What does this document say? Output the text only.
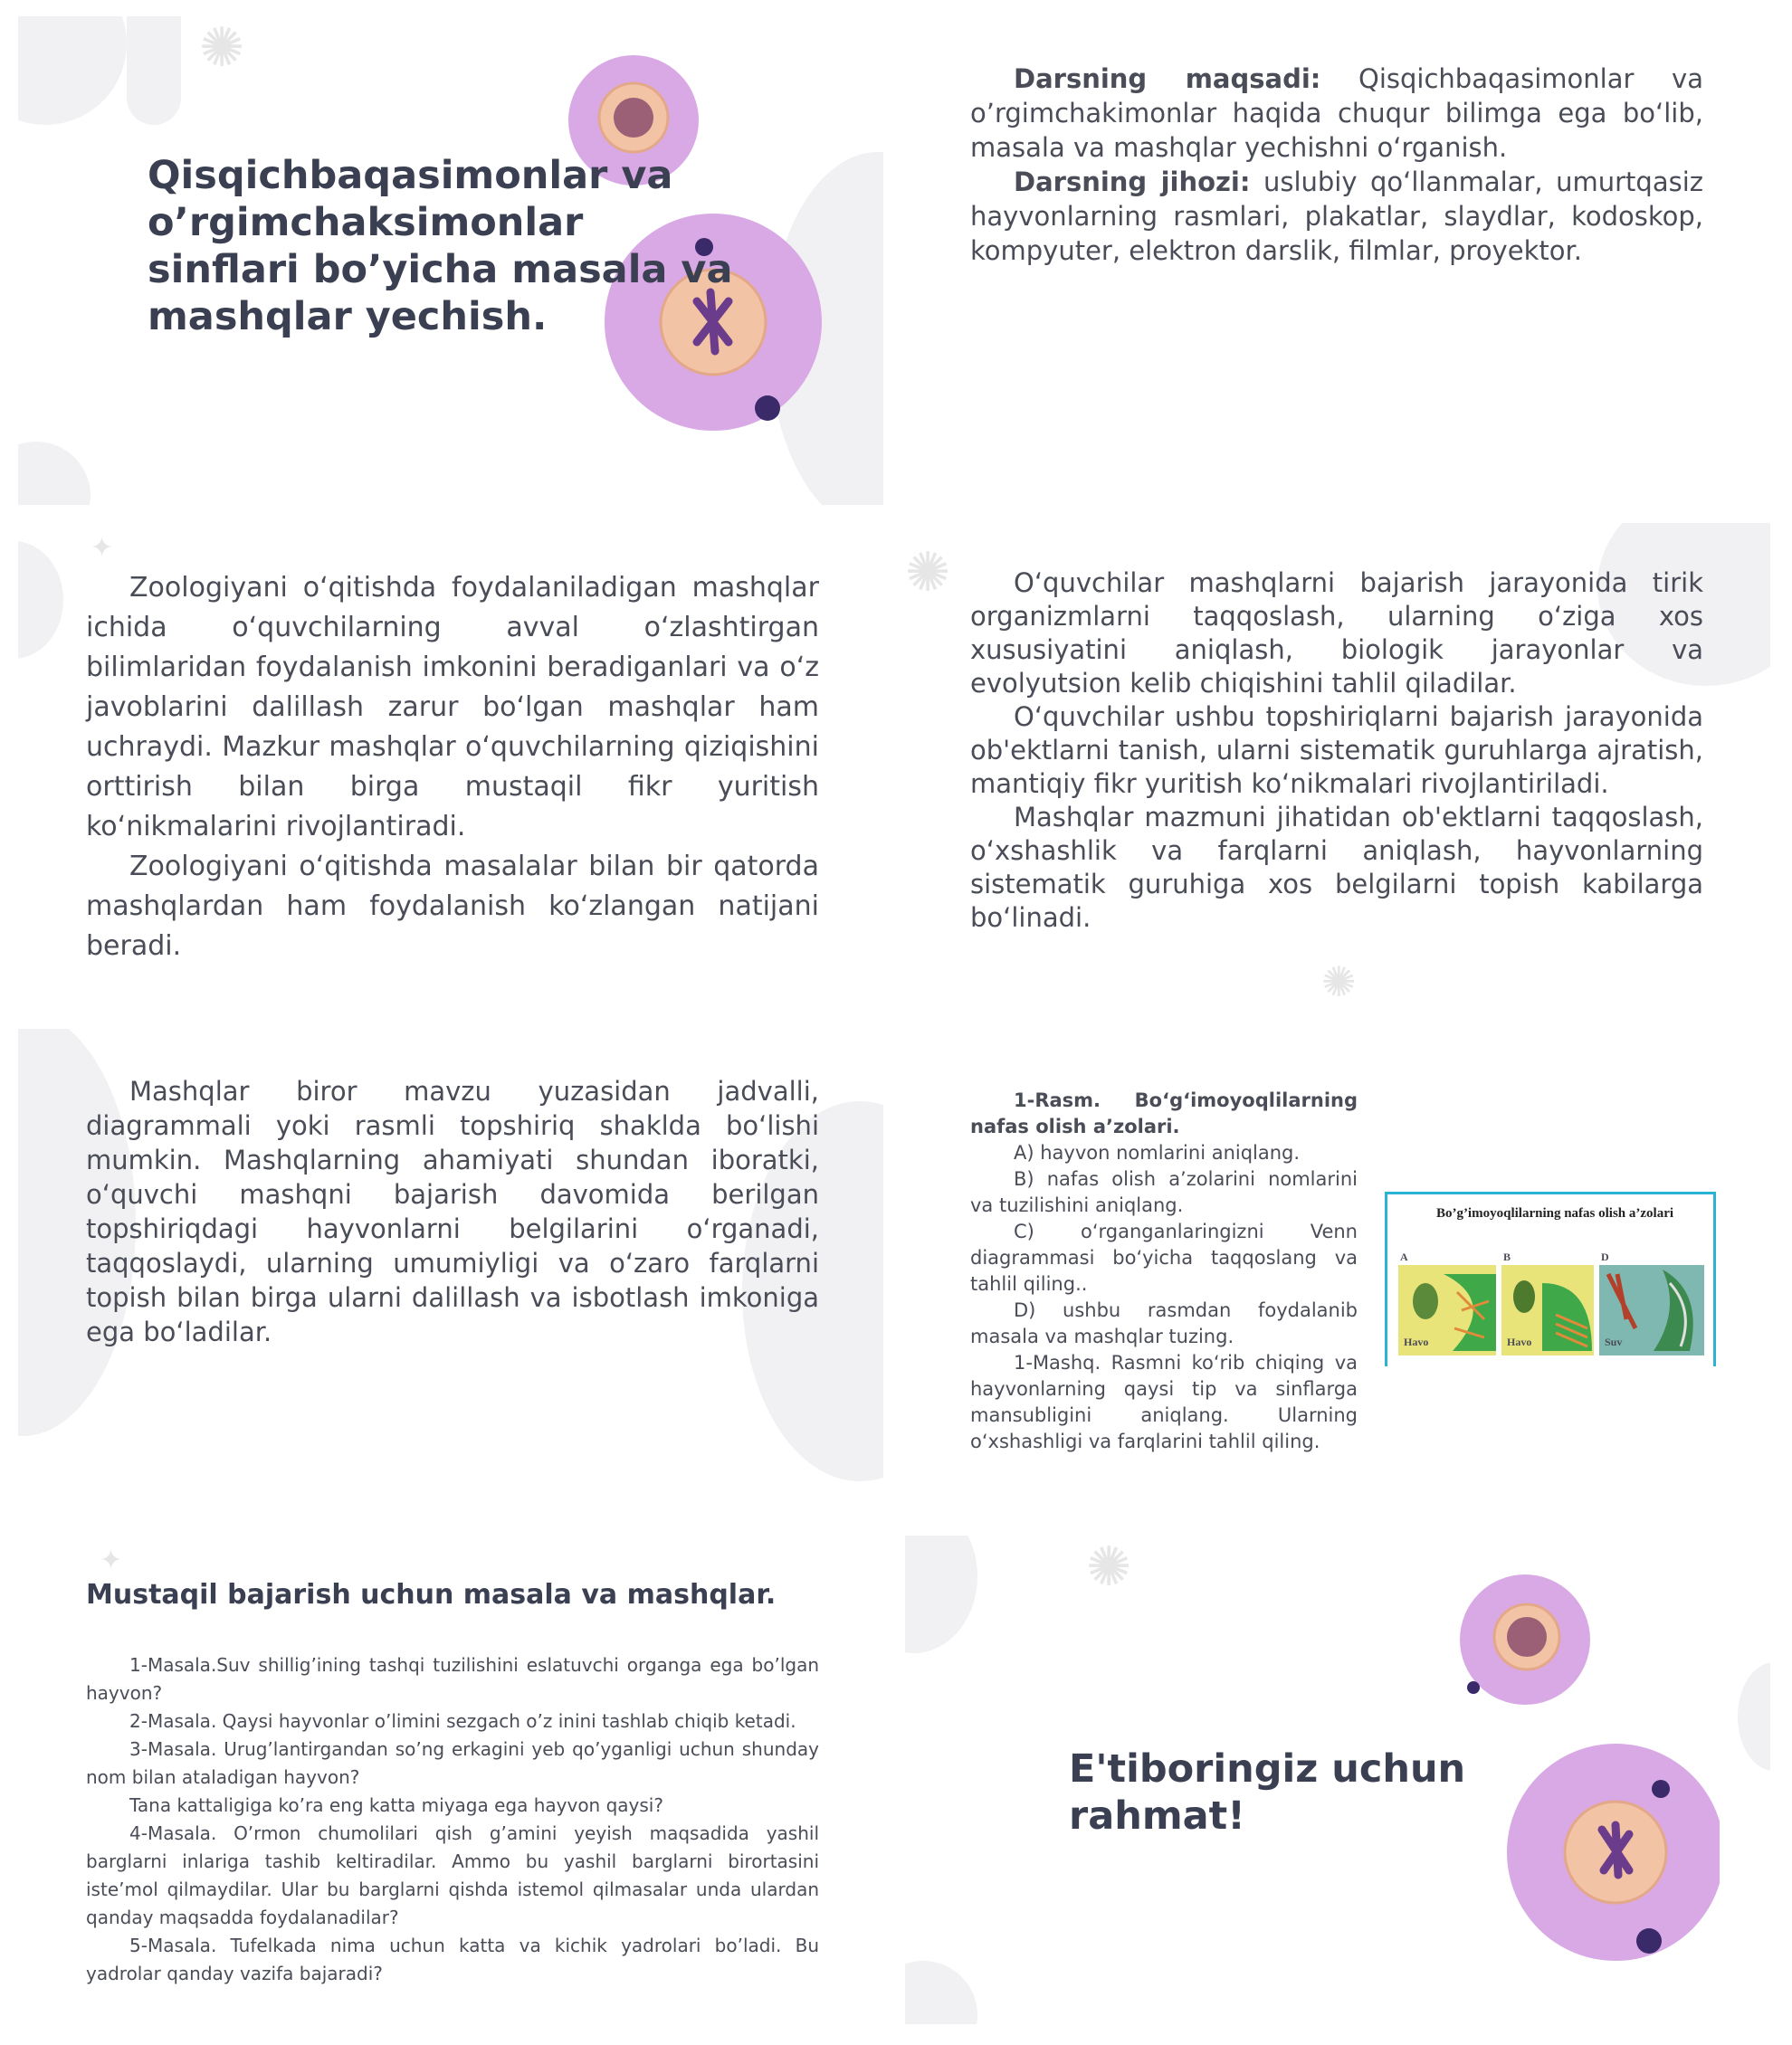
✺
Qisqichbaqasimonlar va o’rgimchaksimonlar sinflari bo’yicha masala va mashqlar yechish.

Darsning maqsadi: Qisqichbaqasimonlar va o’rgimchakimonlar haqida chuqur bilimga ega bo‘lib, masala va mashqlar yechishni o‘rganish.

Darsning jihozi: uslubiy qo‘llanmalar, umurtqasiz hayvonlarning rasmlari, plakatlar, slaydlar, kodoskop, kompyuter, elektron darslik, filmlar, proyektor.

✦

Zoologiyani o‘qitishda foydalaniladigan mashqlar ichida o‘quvchilarning avval o‘zlashtirgan bilimlaridan foydalanish imkonini beradiganlari va o‘z javoblarini dalillash zarur bo‘lgan mashqlar ham uchraydi. Mazkur mashqlar o‘quvchilarning qiziqishini orttirish bilan birga mustaqil fikr yuritish ko‘nikmalarini rivojlantiradi.

Zoologiyani o‘qitishda masalalar bilan bir qatorda mashqlardan ham foydalanish ko‘zlangan natijani beradi.

✺
✺

O‘quvchilar mashqlarni bajarish jarayonida tirik organizmlarni taqqoslash, ularning o‘ziga xos xususiyatini aniqlash, biologik jarayonlar va evolyutsion kelib chiqishini tahlil qiladilar.

O‘quvchilar ushbu topshiriqlarni bajarish jarayonida ob'ektlarni tanish, ularni sistematik guruhlarga ajratish, mantiqiy fikr yuritish ko‘nikmalari rivojlantiriladi.

Mashqlar mazmuni jihatidan ob'ektlarni taqqoslash, o‘xshashlik va farqlarni aniqlash, hayvonlarning sistematik guruhiga xos belgilarni topish kabilarga bo‘linadi.

Mashqlar biror mavzu yuzasidan jadvalli, diagrammali yoki rasmli topshiriq shaklda bo‘lishi mumkin. Mashqlarning ahamiyati shundan iboratki, o‘quvchi mashqni bajarish davomida berilgan topshiriqdagi hayvonlarni belgilarini o‘rganadi, taqqoslaydi, ularning umumiyligi va o‘zaro farqlarni topish bilan birga ularni dalillash va isbotlash imkoniga ega bo‘ladilar.

1-Rasm. Bo‘g‘imoyoqlilarning nafas olish a’zolari.

A) hayvon nomlarini aniqlang.

B) nafas olish a’zolarini nomlarini va tuzilishini aniqlang.

C) o‘rganganlaringizni Venn diagrammasi bo‘yicha taqqoslang va tahlil qiling..

D) ushbu rasmdan foydalanib masala va mashqlar tuzing.

1-Mashq. Rasmni ko‘rib chiqing va hayvonlarning qaysi tip va sinflarga mansubligini aniqlang. Ularning o‘xshashligi va farqlarini tahlil qiling.

Bo’g’imoyoqlilarning nafas olish a’zolari
A
Havo
B
Havo
D
Suv
✦
Mustaqil bajarish uchun masala va mashqlar.

1-Masala.Suv shillig’ining tashqi tuzilishini eslatuvchi organga ega bo’lgan hayvon?

2-Masala. Qaysi hayvonlar o’limini sezgach o’z inini tashlab chiqib ketadi.

3-Masala. Urug’lantirgandan so’ng erkagini yeb qo’yganligi uchun shunday nom bilan ataladigan hayvon?

Tana kattaligiga ko’ra eng katta miyaga ega hayvon qaysi?

4-Masala. O’rmon chumolilari qish g’amini yeyish maqsadida yashil barglarni inlariga tashib keltiradilar. Ammo bu yashil barglarni birortasini iste’mol qilmaydilar. Ular bu barglarni qishda istemol qilmasalar unda ulardan qanday maqsadda foydalanadilar?

5-Masala. Tufelkada nima uchun katta va kichik yadrolari bo’ladi. Bu yadrolar qanday vazifa bajaradi?

✺
E'tiboringiz uchun rahmat!
